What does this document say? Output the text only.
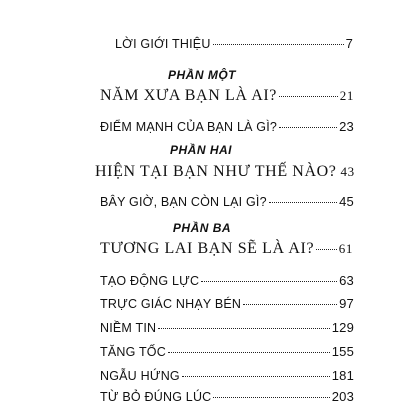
LỜI GIỚI THIỆU	7
PHẦN MỘT
NĂM XƯA BẠN LÀ AI?	21
ĐIỂM MẠNH CỦA BẠN LÀ GÌ?	23
PHẦN HAI
HIỆN TẠI BẠN NHƯ THẾ NÀO? 43
BÂY GIỜ, BẠN CÒN LẠI GÌ?	45
PHẦN BA
TƯƠNG LAI BẠN SẼ LÀ AI? 61
TẠO ĐỘNG LỰC	63
TRỰC GIÁC NHẠY BÉN	97
NIỀM TIN	129
TĂNG TỐC	155
NGẪU HỨNG	181
TỪ BỎ ĐÚNG LÚC	203
